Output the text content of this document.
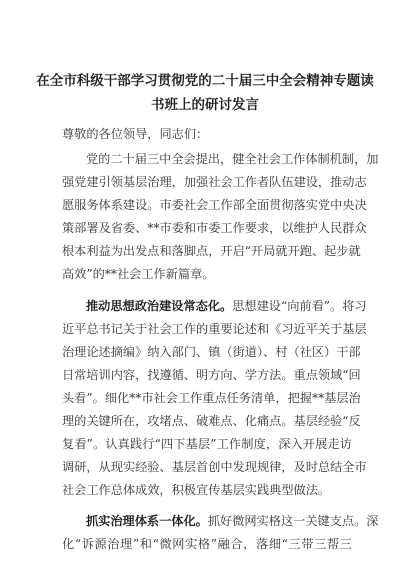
在全市科级干部学习贯彻党的二十届三中全会精神专题读
书班上的研讨发言

尊敬的各位领导，同志们：

党的二十届三中全会提出，健全社会工作体制机制，加

强党建引领基层治理，加强社会工作者队伍建设，推动志

愿服务体系建设。市委社会工作部全面贯彻落实党中央决

策部署及省委、**市委和市委工作要求，以维护人民群众

根本利益为出发点和落脚点，开启“开局就开跑、起步就

高效”的**社会工作新篇章。

推动思想政治建设常态化。思想建设“向前看”。将习

近平总书记关于社会工作的重要论述和《习近平关于基层

治理论述摘编》纳入部门、镇（街道）、村（社区）干部

日常培训内容，找遵循、明方向、学方法。重点领域“回

头看”。细化**市社会工作重点任务清单，把握**基层治

理的关键所在，攻堵点、破难点、化痛点。基层经验“反

复看”。认真践行“四下基层”工作制度，深入开展走访

调研，从现实经验、基层首创中发现规律，及时总结全市

社会工作总体成效，积极宣传基层实践典型做法。

抓实治理体系一体化。抓好微网实格这一关键支点。深

化“诉源治理”和“微网实格”融合，落细“三带三帮三
